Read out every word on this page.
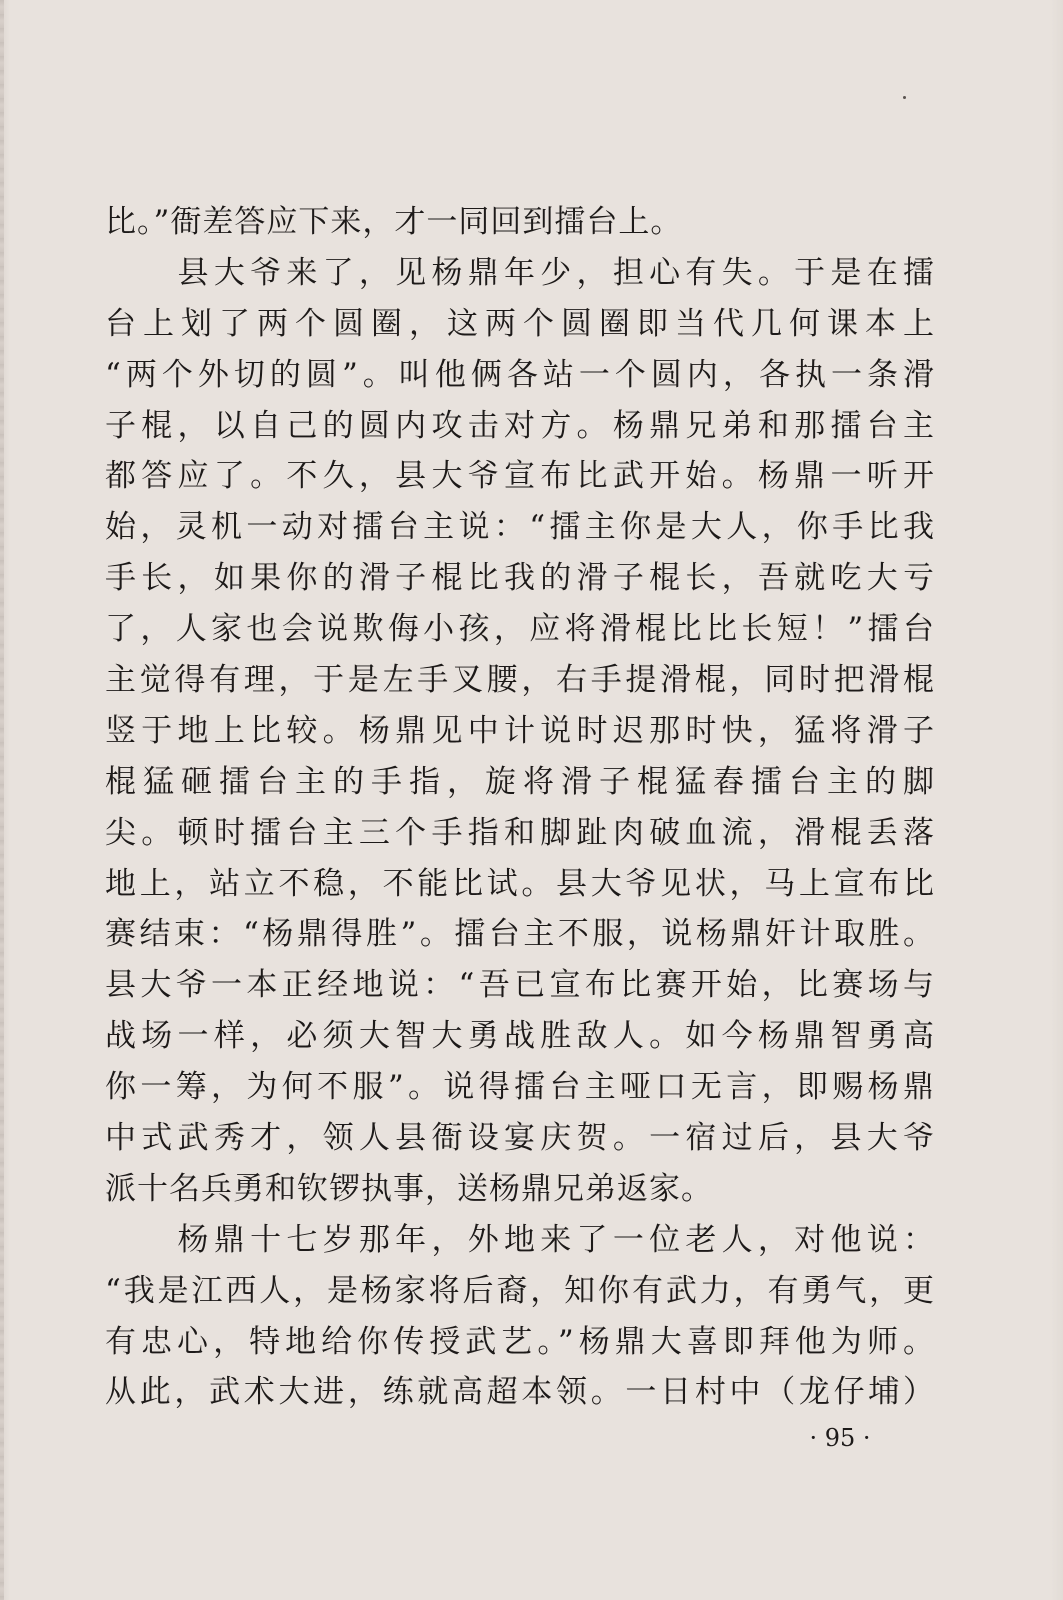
比。”衙差答应下来，才一同回到擂台上。
　　县大爷来了，见杨鼎年少，担心有失。于是在擂
台上划了两个圆圈，这两个圆圈即当代几何课本上
“两个外切的圆”。叫他俩各站一个圆内，各执一条滑
子棍，以自己的圆内攻击对方。杨鼎兄弟和那擂台主
都答应了。不久，县大爷宣布比武开始。杨鼎一听开
始，灵机一动对擂台主说：“擂主你是大人，你手比我
手长，如果你的滑子棍比我的滑子棍长，吾就吃大亏
了，人家也会说欺侮小孩，应将滑棍比比长短！”擂台
主觉得有理，于是左手叉腰，右手提滑棍，同时把滑棍
竖于地上比较。杨鼎见中计说时迟那时快，猛将滑子
棍猛砸擂台主的手指，旋将滑子棍猛舂擂台主的脚
尖。顿时擂台主三个手指和脚趾肉破血流，滑棍丢落
地上，站立不稳，不能比试。县大爷见状，马上宣布比
赛结束：“杨鼎得胜”。擂台主不服，说杨鼎奸计取胜。
县大爷一本正经地说：“吾已宣布比赛开始，比赛场与
战场一样，必须大智大勇战胜敌人。如今杨鼎智勇高
你一筹，为何不服”。说得擂台主哑口无言，即赐杨鼎
中式武秀才，领人县衙设宴庆贺。一宿过后，县大爷
派十名兵勇和钦锣执事，送杨鼎兄弟返家。
　　杨鼎十七岁那年，外地来了一位老人，对他说：
“我是江西人，是杨家将后裔，知你有武力，有勇气，更
有忠心，特地给你传授武艺。”杨鼎大喜即拜他为师。
从此，武术大进，练就高超本领。一日村中（龙仔埔）
· 95 ·
